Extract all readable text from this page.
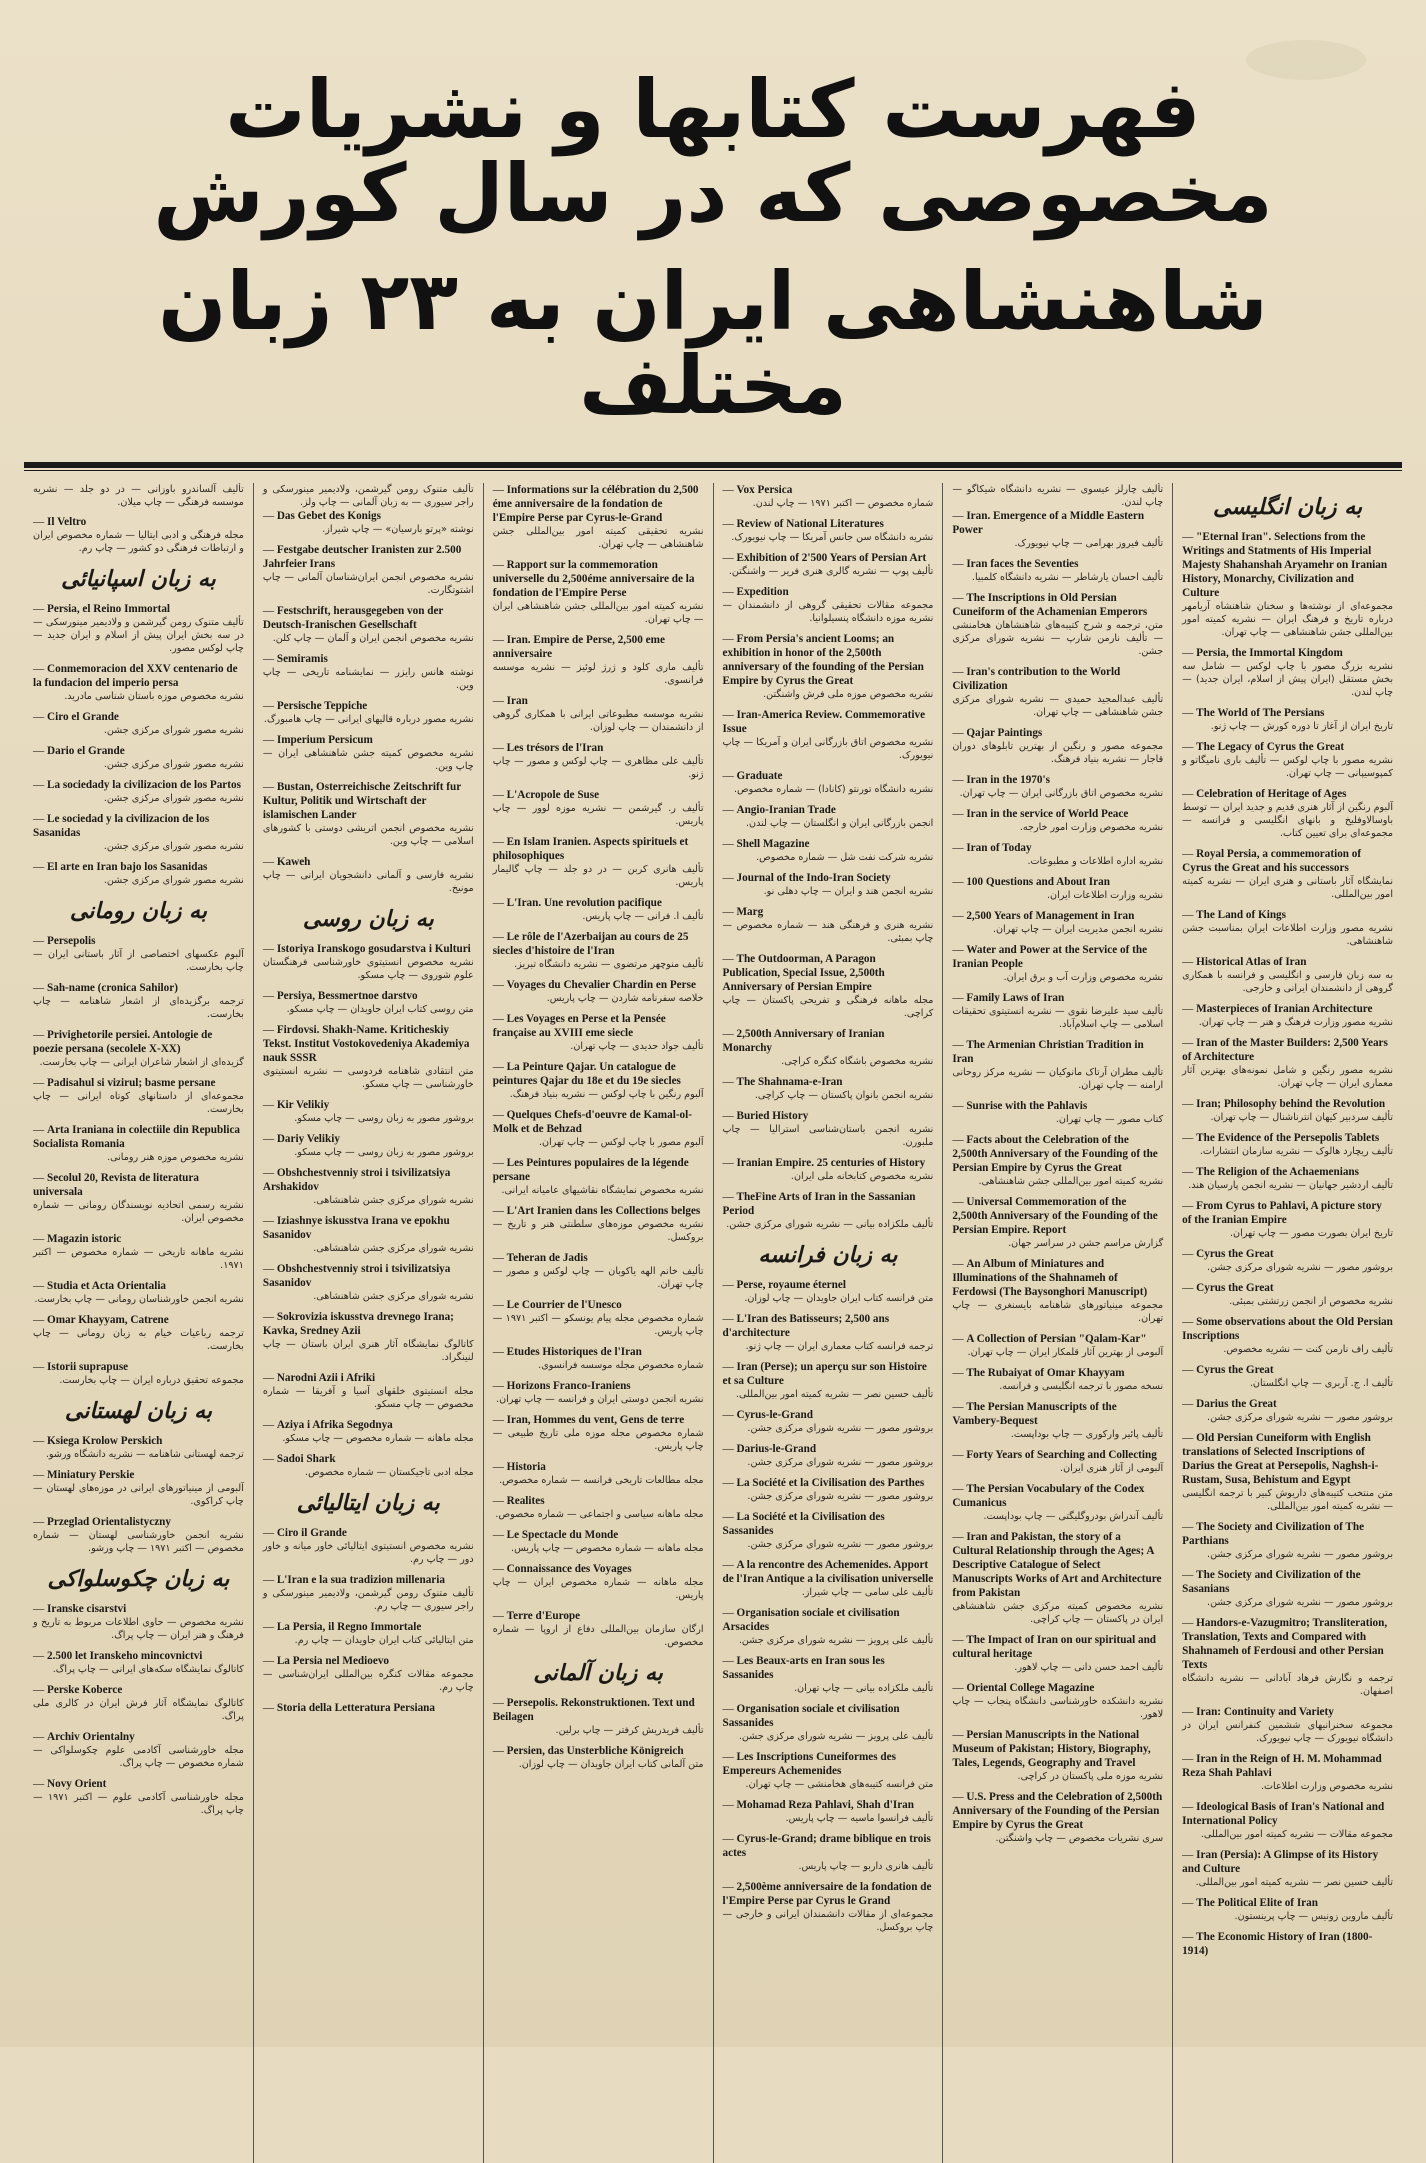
فهرست کتابها و نشریات مخصوصی که در سال کورش
شاهنشاهی ایران به ۲۳ زبان مختلف
به زبان انگلیسی
— "Eternal Iran". Selections from the Writings and Statments of His Imperial Majesty Shahanshah Aryamehr on Iranian History, Monarchy, Civilization and Culture
مجموعه‌ای از نوشته‌ها و سخنان شاهنشاه آریامهر درباره تاریخ و فرهنگ ایران — نشریه کمیته امور بین‌المللی جشن شاهنشاهی — چاپ تهران.
— Persia, the Immortal Kingdom
نشریه بزرگ مصور با چاپ لوکس — شامل سه بخش مستقل (ایران پیش از اسلام، ایران جدید) — چاپ لندن.
— The World of The Persians
تاریخ ایران از آغاز تا دوره کورش — چاپ ژنو.
— The Legacy of Cyrus the Great
نشریه مصور با چاپ لوکس — تألیف باری نامیگاتو و کمپوسیپانی — چاپ تهران.
— Celebration of Heritage of Ages
آلبوم رنگین از آثار هنری قدیم و جدید ایران — توسط باوسالاوفلیخ و بانهای انگلیسی و فرانسه — مجموعه‌ای برای تعیین کتاب.
— Royal Persia, a commemoration of Cyrus the Great and his successors
نمایشگاه آثار باستانی و هنری ایران — نشریه کمیته امور بین‌المللی.
— The Land of Kings
نشریه مصور وزارت اطلاعات ایران بمناسبت جشن شاهنشاهی.
— Historical Atlas of Iran
به سه زبان فارسی و انگلیسی و فرانسه با همکاری گروهی از دانشمندان ایرانی و خارجی.
— Masterpieces of Iranian Architecture
نشریه مصور وزارت فرهنگ و هنر — چاپ تهران.
— Iran of the Master Builders: 2,500 Years of Architecture
نشریه مصور رنگین و شامل نمونه‌های بهترین آثار معماری ایران — چاپ تهران.
— Iran; Philosophy behind the Revolution
تألیف سردبیر کیهان انترناشنال — چاپ تهران.
— The Evidence of the Persepolis Tablets
تألیف ریچارد هالوک — نشریه سازمان انتشارات.
— The Religion of the Achaemenians
تألیف اردشیر جهانیان — نشریه انجمن پارسیان هند.
— From Cyrus to Pahlavi, A picture story of the Iranian Empire
تاریخ ایران بصورت مصور — چاپ تهران.
— Cyrus the Great
بروشور مصور — نشریه شورای مرکزی جشن.
— Cyrus the Great
نشریه مخصوص از انجمن زرتشتی بمبئی.
— Some observations about the Old Persian Inscriptions
تألیف راف نارمن کنت — نشریه مخصوص.
— Cyrus the Great
تألیف ا. ج. آربری — چاپ انگلستان.
— Darius the Great
بروشور مصور — نشریه شورای مرکزی جشن.
— Old Persian Cuneiform with English translations of Selected Inscriptions of Darius the Great at Persepolis, Naghsh-i-Rustam, Susa, Behistum and Egypt
متن منتخب کتیبه‌های داریوش کبیر با ترجمه انگلیسی — نشریه کمیته امور بین‌المللی.
— The Society and Civilization of The Parthians
بروشور مصور — نشریه شورای مرکزی جشن.
— The Society and Civilization of the Sasanians
بروشور مصور — نشریه شورای مرکزی جشن.
— Handors-e-Vazugmitro; Transliteration, Translation, Texts and Compared with Shahnameh of Ferdousi and other Persian Texts
ترجمه و نگارش فرهاد آبادانی — نشریه دانشگاه اصفهان.
— Iran: Continuity and Variety
مجموعه سخنرانیهای ششمین کنفرانس ایران در دانشگاه نیویورک — چاپ نیویورک.
— Iran in the Reign of H. M. Mohammad Reza Shah Pahlavi
نشریه مخصوص وزارت اطلاعات.
— Ideological Basis of Iran's National and International Policy
مجموعه مقالات — نشریه کمیته امور بین‌المللی.
— Iran (Persia): A Glimpse of its History and Culture
تألیف حسین نصر — نشریه کمیته امور بین‌المللی.
— The Political Elite of Iran
تألیف ماروین زونیس — چاپ پرینستون.
— The Economic History of Iran (1800-1914)
تألیف چارلز عیسوی — نشریه دانشگاه شیکاگو — چاپ لندن.
— Iran. Emergence of a Middle Eastern Power
تألیف فیروز بهرامی — چاپ نیویورک.
— Iran faces the Seventies
تألیف احسان یارشاطر — نشریه دانشگاه کلمبیا.
— The Inscriptions in Old Persian Cuneiform of the Achamenian Emperors
متن، ترجمه و شرح کتیبه‌های شاهنشاهان هخامنشی — تألیف نارمن شارپ — نشریه شورای مرکزی جشن.
— Iran's contribution to the World Civilization
تألیف عبدالمجید حمیدی — نشریه شورای مرکزی جشن شاهنشاهی — چاپ تهران.
— Qajar Paintings
مجموعه مصور و رنگین از بهترین تابلوهای دوران قاجار — نشریه بنیاد فرهنگ.
— Iran in the 1970's
نشریه مخصوص اتاق بازرگانی ایران — چاپ تهران.
— Iran in the service of World Peace
نشریه مخصوص وزارت امور خارجه.
— Iran of Today
نشریه اداره اطلاعات و مطبوعات.
— 100 Questions and About Iran
نشریه وزارت اطلاعات ایران.
— 2,500 Years of Management in Iran
نشریه انجمن مدیریت ایران — چاپ تهران.
— Water and Power at the Service of the Iranian People
نشریه مخصوص وزارت آب و برق ایران.
— Family Laws of Iran
تألیف سید علیرضا نقوی — نشریه انستیتوی تحقیقات اسلامی — چاپ اسلام‌آباد.
— The Armenian Christian Tradition in Iran
تألیف مطران آرتاک مانوکیان — نشریه مرکز روحانی ارامنه — چاپ تهران.
— Sunrise with the Pahlavis
کتاب مصور — چاپ تهران.
— Facts about the Celebration of the 2,500th Anniversary of the Founding of the Persian Empire by Cyrus the Great
نشریه کمیته امور بین‌المللی جشن شاهنشاهی.
— Universal Commemoration of the 2,500th Anniversary of the Founding of the Persian Empire. Report
گزارش مراسم جشن در سراسر جهان.
— An Album of Miniatures and Illuminations of the Shahnameh of Ferdowsi (The Baysonghori Manuscript)
مجموعه مینیاتورهای شاهنامه بایسنغری — چاپ تهران.
— A Collection of Persian "Qalam-Kar"
آلبومی از بهترین آثار قلمکار ایران — چاپ تهران.
— The Rubaiyat of Omar Khayyam
نسخه مصور با ترجمه انگلیسی و فرانسه.
— The Persian Manuscripts of the Vambery-Bequest
تألیف پائیر وارکوری — چاپ بوداپست.
— Forty Years of Searching and Collecting
آلبومی از آثار هنری ایران.
— The Persian Vocabulary of the Codex Cumanicus
تألیف آندراش بودروگلیگتی — چاپ بوداپست.
— Iran and Pakistan, the story of a Cultural Relationship through the Ages; A Descriptive Catalogue of Select Manuscripts Works of Art and Architecture from Pakistan
نشریه مخصوص کمیته مرکزی جشن شاهنشاهی ایران در پاکستان — چاپ کراچی.
— The Impact of Iran on our spiritual and cultural heritage
تألیف احمد حسن دانی — چاپ لاهور.
— Oriental College Magazine
نشریه دانشکده خاورشناسی دانشگاه پنجاب — چاپ لاهور.
— Persian Manuscripts in the National Museum of Pakistan; History, Biography, Tales, Legends, Geography and Travel
نشریه موزه ملی پاکستان در کراچی.
— U.S. Press and the Celebration of 2,500th Anniversary of the Founding of the Persian Empire by Cyrus the Great
سری نشریات مخصوص — چاپ واشنگتن.
— Vox Persica
شماره مخصوص — اکتبر ۱۹۷۱ — چاپ لندن.
— Review of National Literatures
نشریه دانشگاه سن جانس آمریکا — چاپ نیویورک.
— Exhibition of 2'500 Years of Persian Art
تألیف پوپ — نشریه گالری هنری فریر — واشنگتن.
— Expedition
مجموعه مقالات تحقیقی گروهی از دانشمندان — نشریه موزه دانشگاه پنسیلوانیا.
— From Persia's ancient Looms; an exhibition in honor of the 2,500th anniversary of the founding of the Persian Empire by Cyrus the Great
نشریه مخصوص موزه ملی فرش واشنگتن.
— Iran-America Review. Commemorative Issue
نشریه مخصوص اتاق بازرگانی ایران و آمریکا — چاپ نیویورک.
— Graduate
نشریه دانشگاه تورنتو (کانادا) — شماره مخصوص.
— Angio-Iranian Trade
انجمن بازرگانی ایران و انگلستان — چاپ لندن.
— Shell Magazine
نشریه شرکت نفت شل — شماره مخصوص.
— Journal of the Indo-Iran Society
نشریه انجمن هند و ایران — چاپ دهلی نو.
— Marg
نشریه هنری و فرهنگی هند — شماره مخصوص — چاپ بمبئی.
— The Outdoorman, A Paragon Publication, Special Issue, 2,500th Anniversary of Persian Empire
مجله ماهانه فرهنگی و تفریحی پاکستان — چاپ کراچی.
— 2,500th Anniversary of Iranian Monarchy
نشریه مخصوص باشگاه کنگره کراچی.
— The Shahnama-e-Iran
نشریه انجمن بانوان پاکستان — چاپ کراچی.
— Buried History
نشریه انجمن باستان‌شناسی استرالیا — چاپ ملبورن.
— Iranian Empire. 25 centuries of History
نشریه مخصوص کتابخانه ملی ایران.
— TheFine Arts of Iran in the Sassanian Period
تألیف ملکزاده بیانی — نشریه شورای مرکزی جشن.
به زبان فرانسه
— Perse, royaume éternel
متن فرانسه کتاب ایران جاویدان — چاپ لوزان.
— L'Iran des Batisseurs; 2,500 ans d'architecture
ترجمه فرانسه کتاب معماری ایران — چاپ ژنو.
— Iran (Perse); un aperçu sur son Histoire et sa Culture
تألیف حسین نصر — نشریه کمیته امور بین‌المللی.
— Cyrus-le-Grand
بروشور مصور — نشریه شورای مرکزی جشن.
— Darius-le-Grand
بروشور مصور — نشریه شورای مرکزی جشن.
— La Société et la Civilisation des Parthes
بروشور مصور — نشریه شورای مرکزی جشن.
— La Société et la Civilisation des Sassanides
بروشور مصور — نشریه شورای مرکزی جشن.
— A la rencontre des Achemenides. Apport de l'Iran Antique a la civilisation universelle
تألیف علی سامی — چاپ شیراز.
— Organisation sociale et civilisation Arsacides
تألیف علی پرویز — نشریه شورای مرکزی جشن.
— Les Beaux-arts en Iran sous les Sassanides
تألیف ملکزاده بیانی — چاپ تهران.
— Organisation sociale et civilisation Sassanides
تألیف علی پرویز — نشریه شورای مرکزی جشن.
— Les Inscriptions Cuneiformes des Empereurs Achemenides
متن فرانسه کتیبه‌های هخامنشی — چاپ تهران.
— Mohamad Reza Pahlavi, Shah d'Iran
تألیف فرانسوا ماسیه — چاپ پاریس.
— Cyrus-le-Grand; drame biblique en trois actes
تألیف هانری داربو — چاپ پاریس.
— 2,500ème anniversaire de la fondation de l'Empire Perse par Cyrus le Grand
مجموعه‌ای از مقالات دانشمندان ایرانی و خارجی — چاپ بروکسل.
— Informations sur la célébration du 2,500 éme anniversaire de la fondation de l'Empire Perse par Cyrus-le-Grand
نشریه تحقیقی کمیته امور بین‌المللی جشن شاهنشاهی — چاپ تهران.
— Rapport sur la commemoration universelle du 2,500éme anniversaire de la fondation de l'Empire Perse
نشریه کمیته امور بین‌المللی جشن شاهنشاهی ایران — چاپ تهران.
— Iran. Empire de Perse, 2,500 eme anniversaire
تألیف ماری کلود و ژرژ لوئیز — نشریه موسسه فرانسوی.
— Iran
نشریه موسسه مطبوعاتی ایرانی با همکاری گروهی از دانشمندان — چاپ لوزان.
— Les trésors de l'Iran
تألیف علی مظاهری — چاپ لوکس و مصور — چاپ ژنو.
— L'Acropole de Suse
تألیف ر. گیرشمن — نشریه موزه لوور — چاپ پاریس.
— En Islam Iranien. Aspects spirituels et philosophiques
تألیف هانری کربن — در دو جلد — چاپ گالیمار پاریس.
— L'Iran. Une revolution pacifique
تألیف ا. فرانی — چاپ پاریس.
— Le rôle de l'Azerbaijan au cours de 25 siecles d'histoire de l'Iran
تألیف منوچهر مرتضوی — نشریه دانشگاه تبریز.
— Voyages du Chevalier Chardin en Perse
خلاصه سفرنامه شاردن — چاپ پاریس.
— Les Voyages en Perse et la Pensée française au XVIII eme siecle
تألیف جواد حدیدی — چاپ تهران.
— La Peinture Qajar. Un catalogue de peintures Qajar du 18e et du 19e siecles
آلبوم رنگین با چاپ لوکس — نشریه بنیاد فرهنگ.
— Quelques Chefs-d'oeuvre de Kamal-ol-Molk et de Behzad
آلبوم مصور با چاپ لوکس — چاپ تهران.
— Les Peintures populaires de la légende persane
نشریه مخصوص نمایشگاه نقاشیهای عامیانه ایرانی.
— L'Art Iranien dans les Collections belges
نشریه مخصوص موزه‌های سلطنتی هنر و تاریخ — بروکسل.
— Teheran de Jadis
تألیف خانم الهه یاکوبان — چاپ لوکس و مصور — چاپ تهران.
— Le Courrier de l'Unesco
شماره مخصوص مجله پیام یونسکو — اکتبر ۱۹۷۱ — چاپ پاریس.
— Etudes Historiques de l'Iran
شماره مخصوص مجله موسسه فرانسوی.
— Horizons Franco-Iraniens
نشریه انجمن دوستی ایران و فرانسه — چاپ تهران.
— Iran, Hommes du vent, Gens de terre
شماره مخصوص مجله موزه ملی تاریخ طبیعی — چاپ پاریس.
— Historia
مجله مطالعات تاریخی فرانسه — شماره مخصوص.
— Realites
مجله ماهانه سیاسی و اجتماعی — شماره مخصوص.
— Le Spectacle du Monde
مجله ماهانه — شماره مخصوص — چاپ پاریس.
— Connaissance des Voyages
مجله ماهانه — شماره مخصوص ایران — چاپ پاریس.
— Terre d'Europe
ارگان سازمان بین‌المللی دفاع از اروپا — شماره مخصوص.
به زبان آلمانی
— Persepolis. Rekonstruktionen. Text und Beilagen
تألیف فریدریش کرفتر — چاپ برلین.
— Persien, das Unsterbliche Königreich
متن آلمانی کتاب ایران جاویدان — چاپ لوزان.
تألیف متنوک رومن گیرشمن، ولادیمیر مینورسکی و راجر سیوری — به زبان آلمانی — چاپ ولز.
— Das Gebet des Konigs
نوشته «پرتو بارسیان» — چاپ شیراز.
— Festgabe deutscher Iranisten zur 2.500 Jahrfeier Irans
نشریه مخصوص انجمن ایران‌شناسان آلمانی — چاپ اشتوتگارت.
— Festschrift, herausgegeben von der Deutsch-Iranischen Gesellschaft
نشریه مخصوص انجمن ایران و آلمان — چاپ کلن.
— Semiramis
نوشته هانس رایزر — نمایشنامه تاریخی — چاپ وین.
— Persische Teppiche
نشریه مصور درباره قالیهای ایرانی — چاپ هامبورگ.
— Imperium Persicum
نشریه مخصوص کمیته جشن شاهنشاهی ایران — چاپ وین.
— Bustan, Osterreichische Zeitschrift fur Kultur, Politik und Wirtschaft der islamischen Lander
نشریه مخصوص انجمن اتریشی دوستی با کشورهای اسلامی — چاپ وین.
— Kaweh
نشریه فارسی و آلمانی دانشجویان ایرانی — چاپ مونیخ.
به زبان روسی
— Istoriya Iranskogo gosudarstva i Kulturi
نشریه مخصوص انستیتوی خاورشناسی فرهنگستان علوم شوروی — چاپ مسکو.
— Persiya, Bessmertnoe darstvo
متن روسی کتاب ایران جاویدان — چاپ مسکو.
— Firdovsi. Shakh-Name. Kriticheskiy Tekst. Institut Vostokovedeniya Akademiya nauk SSSR
متن انتقادی شاهنامه فردوسی — نشریه انستیتوی خاورشناسی — چاپ مسکو.
— Kir Velikiy
بروشور مصور به زبان روسی — چاپ مسکو.
— Dariy Velikiy
بروشور مصور به زبان روسی — چاپ مسکو.
— Obshchestvenniy stroi i tsivilizatsiya Arshakidov
نشریه شورای مرکزی جشن شاهنشاهی.
— Iziashnye iskusstva Irana ve epokhu Sasanidov
نشریه شورای مرکزی جشن شاهنشاهی.
— Obshchestvenniy stroi i tsivilizatsiya Sasanidov
نشریه شورای مرکزی جشن شاهنشاهی.
— Sokrovizia iskusstva drevnego Irana; Kavka, Sredney Azii
کاتالوگ نمایشگاه آثار هنری ایران باستان — چاپ لنینگراد.
— Narodni Azii i Afriki
مجله انستیتوی خلقهای آسیا و آفریقا — شماره مخصوص — چاپ مسکو.
— Aziya i Afrika Segodnya
مجله ماهانه — شماره مخصوص — چاپ مسکو.
— Sadoi Shark
مجله ادبی تاجیکستان — شماره مخصوص.
به زبان ایتالیائی
— Ciro il Grande
نشریه مخصوص انستیتوی ایتالیائی خاور میانه و خاور دور — چاپ رم.
— L'Iran e la sua tradizion millenaria
تألیف متنوک رومن گیرشمن، ولادیمیر مینورسکی و راجر سیوری — چاپ رم.
— La Persia, il Regno Immortale
متن ایتالیائی کتاب ایران جاویدان — چاپ رم.
— La Persia nel Medioevo
مجموعه مقالات کنگره بین‌المللی ایران‌شناسی — چاپ رم.
— Storia della Letteratura Persiana
تألیف آلساندرو باوزانی — در دو جلد — نشریه موسسه فرهنگی — چاپ میلان.
— Il Veltro
مجله فرهنگی و ادبی ایتالیا — شماره مخصوص ایران و ارتباطات فرهنگی دو کشور — چاپ رم.
به زبان اسپانیائی
— Persia, el Reino Immortal
تألیف متنوک رومن گیرشمن و ولادیمیر مینورسکی — در سه بخش ایران پیش از اسلام و ایران جدید — چاپ لوکس مصور.
— Conmemoracion del XXV centenario de la fundacion del imperio persa
نشریه مخصوص موزه باستان شناسی مادرید.
— Ciro el Grande
نشریه مصور شورای مرکزی جشن.
— Dario el Grande
نشریه مصور شورای مرکزی جشن.
— La sociedady la civilizacion de los Partos
نشریه مصور شورای مرکزی جشن.
— Le sociedad y la civilizacion de los Sasanidas
نشریه مصور شورای مرکزی جشن.
— El arte en Iran bajo los Sasanidas
نشریه مصور شورای مرکزی جشن.
به زبان رومانی
— Persepolis
آلبوم عکسهای اختصاصی از آثار باستانی ایران — چاپ بخارست.
— Sah-name (cronica Sahilor)
ترجمه برگزیده‌ای از اشعار شاهنامه — چاپ بخارست.
— Privighetorile persiei. Antologie de poezie persana (secolele X-XX)
گزیده‌ای از اشعار شاعران ایرانی — چاپ بخارست.
— Padisahul si vizirul; basme persane
مجموعه‌ای از داستانهای کوتاه ایرانی — چاپ بخارست.
— Arta Iraniana in colectiile din Republica Socialista Romania
نشریه مخصوص موزه هنر رومانی.
— Secolul 20, Revista de literatura universala
نشریه رسمی اتحادیه نویسندگان رومانی — شماره مخصوص ایران.
— Magazin istoric
نشریه ماهانه تاریخی — شماره مخصوص — اکتبر ۱۹۷۱.
— Studia et Acta Orientalia
نشریه انجمن خاورشناسان رومانی — چاپ بخارست.
— Omar Khayyam, Catrene
ترجمه رباعیات خیام به زبان رومانی — چاپ بخارست.
— Istorii suprapuse
مجموعه تحقیق درباره ایران — چاپ بخارست.
به زبان لهستانی
— Ksiega Krolow Perskich
ترجمه لهستانی شاهنامه — نشریه دانشگاه ورشو.
— Miniatury Perskie
آلبومی از مینیاتورهای ایرانی در موزه‌های لهستان — چاپ کراکوی.
— Przeglad Orientalistyczny
نشریه انجمن خاورشناسی لهستان — شماره مخصوص — اکتبر ۱۹۷۱ — چاپ ورشو.
به زبان چکوسلواکی
— Iranske cisarstvi
نشریه مخصوص — حاوی اطلاعات مربوط به تاریخ و فرهنگ و هنر ایران — چاپ پراگ.
— 2.500 let Iranskeho mincovnictvi
کاتالوگ نمایشگاه سکه‌های ایرانی — چاپ پراگ.
— Perske Koberce
کاتالوگ نمایشگاه آثار فرش ایران در کالری ملی پراگ.
— Archiv Orientalny
مجله خاورشناسی آکادمی علوم چکوسلواکی — شماره مخصوص — چاپ پراگ.
— Novy Orient
مجله خاورشناسی آکادمی علوم — اکتبر ۱۹۷۱ — چاپ پراگ.
